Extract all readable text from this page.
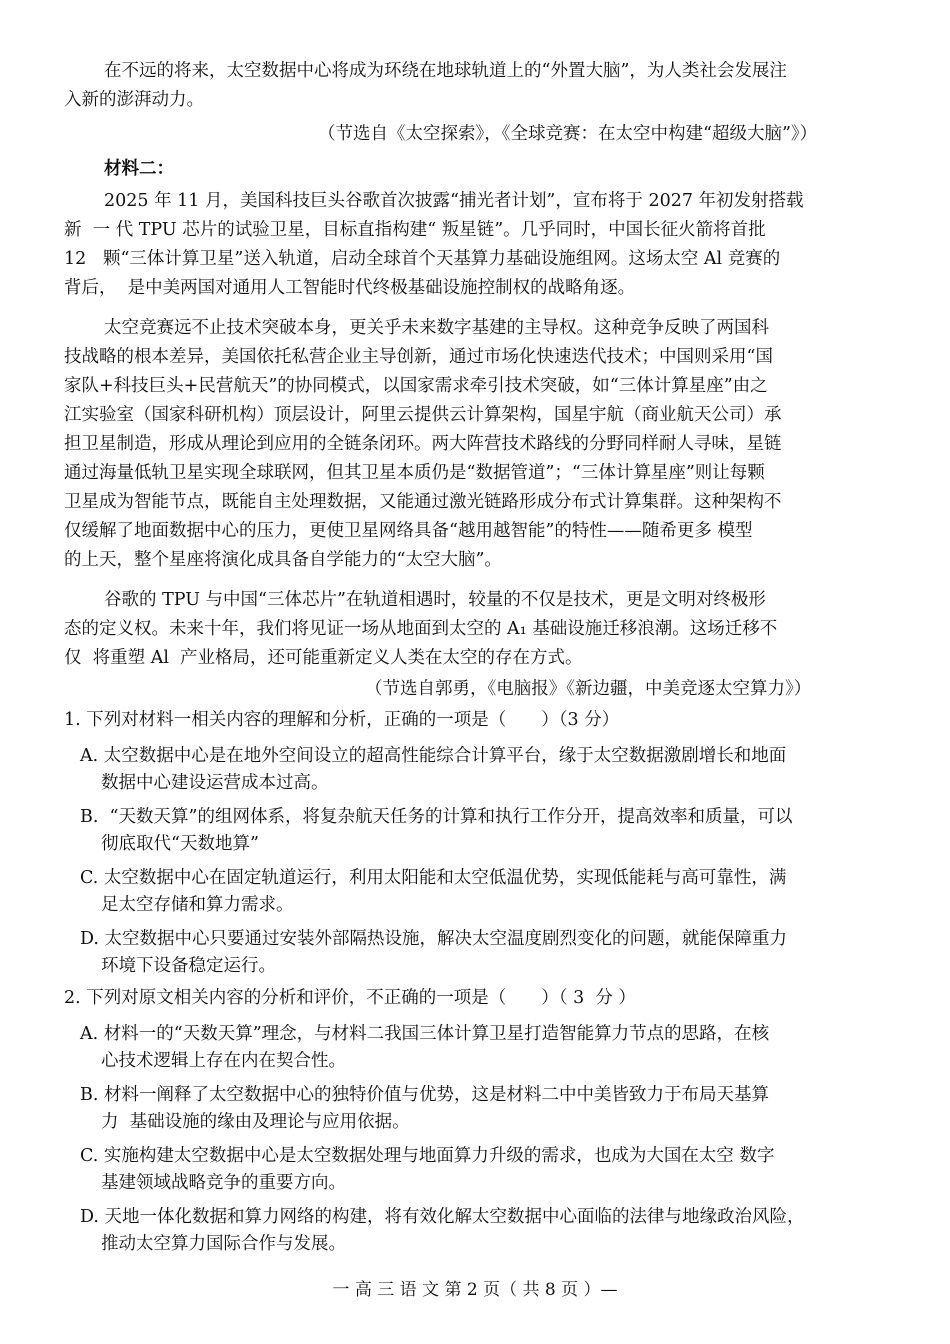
在不远的将来，太空数据中心将成为环绕在地球轨道上的“外置大脑”，为人类社会发展注
入新的澎湃动力。
（节选自《太空探索》，《全球竞赛：在太空中构建“超级大脑”》）
材料二：
2025 年 11 月，美国科技巨头谷歌首次披露“捕光者计划”，宣布将于 2027 年初发射搭载
新  一 代 TPU 芯片的试验卫星，目标直指构建“ 叛星链”。几乎同时，中国长征火箭将首批
12   颗“三体计算卫星”送入轨道，启动全球首个天基算力基础设施组网。这场太空 Al 竞赛的
背后，  是中美两国对通用人工智能时代终极基础设施控制权的战略角逐。
太空竞赛远不止技术突破本身，更关乎未来数字基建的主导权。这种竞争反映了两国科
技战略的根本差异，美国依托私营企业主导创新，通过市场化快速迭代技术；中国则采用“国
家队+科技巨头+民营航天”的协同模式，以国家需求牵引技术突破，如“三体计算星座”由之
江实验室（国家科研机构）顶层设计，阿里云提供云计算架构，国星宇航（商业航天公司）承
担卫星制造，形成从理论到应用的全链条闭环。两大阵营技术路线的分野同样耐人寻味，星链
通过海量低轨卫星实现全球联网，但其卫星本质仍是“数据管道”；“三体计算星座”则让每颗
卫星成为智能节点，既能自主处理数据，又能通过激光链路形成分布式计算集群。这种架构不
仅缓解了地面数据中心的压力，更使卫星网络具备“越用越智能”的特性——随希更多 模型
的上天，整个星座将演化成具备自学能力的“太空大脑”。
谷歌的 TPU 与中国“三体芯片”在轨道相遇时，较量的不仅是技术，更是文明对终极形
态的定义权。未来十年，我们将见证一场从地面到太空的 A₁ 基础设施迁移浪潮。这场迁移不
仅  将重塑 Al  产业格局，还可能重新定义人类在太空的存在方式。
（节选自郭勇，《电脑报》《新边疆，中美竞逐太空算力》）
1. 下列对材料一相关内容的理解和分析，正确的一项是（　　）（3 分）
A. 太空数据中心是在地外空间设立的超高性能综合计算平台，缘于太空数据激剧增长和地面
数据中心建设运营成本过高。
B.  “天数天算”的组网体系，将复杂航天任务的计算和执行工作分开，提高效率和质量，可以
彻底取代“天数地算”
C. 太空数据中心在固定轨道运行，利用太阳能和太空低温优势，实现低能耗与高可靠性，满
足太空存储和算力需求。
D. 太空数据中心只要通过安装外部隔热设施，解决太空温度剧烈变化的问题，就能保障重力
环境下设备稳定运行。
2. 下列对原文相关内容的分析和评价，不正确的一项是（　　）（ 3  分 ）
A. 材料一的“天数天算”理念，与材料二我国三体计算卫星打造智能算力节点的思路，在核
心技术逻辑上存在内在契合性。
B. 材料一阐释了太空数据中心的独特价值与优势，这是材料二中中美皆致力于布局天基算
力  基础设施的缘由及理论与应用依据。
C. 实施构建太空数据中心是太空数据处理与地面算力升级的需求，也成为大国在太空 数字
基建领域战略竞争的重要方向。
D. 天地一体化数据和算力网络的构建，将有效化解太空数据中心面临的法律与地缘政治风险，
推动太空算力国际合作与发展。
一 高 三 语 文 第 2 页（ 共 8 页 ）—
